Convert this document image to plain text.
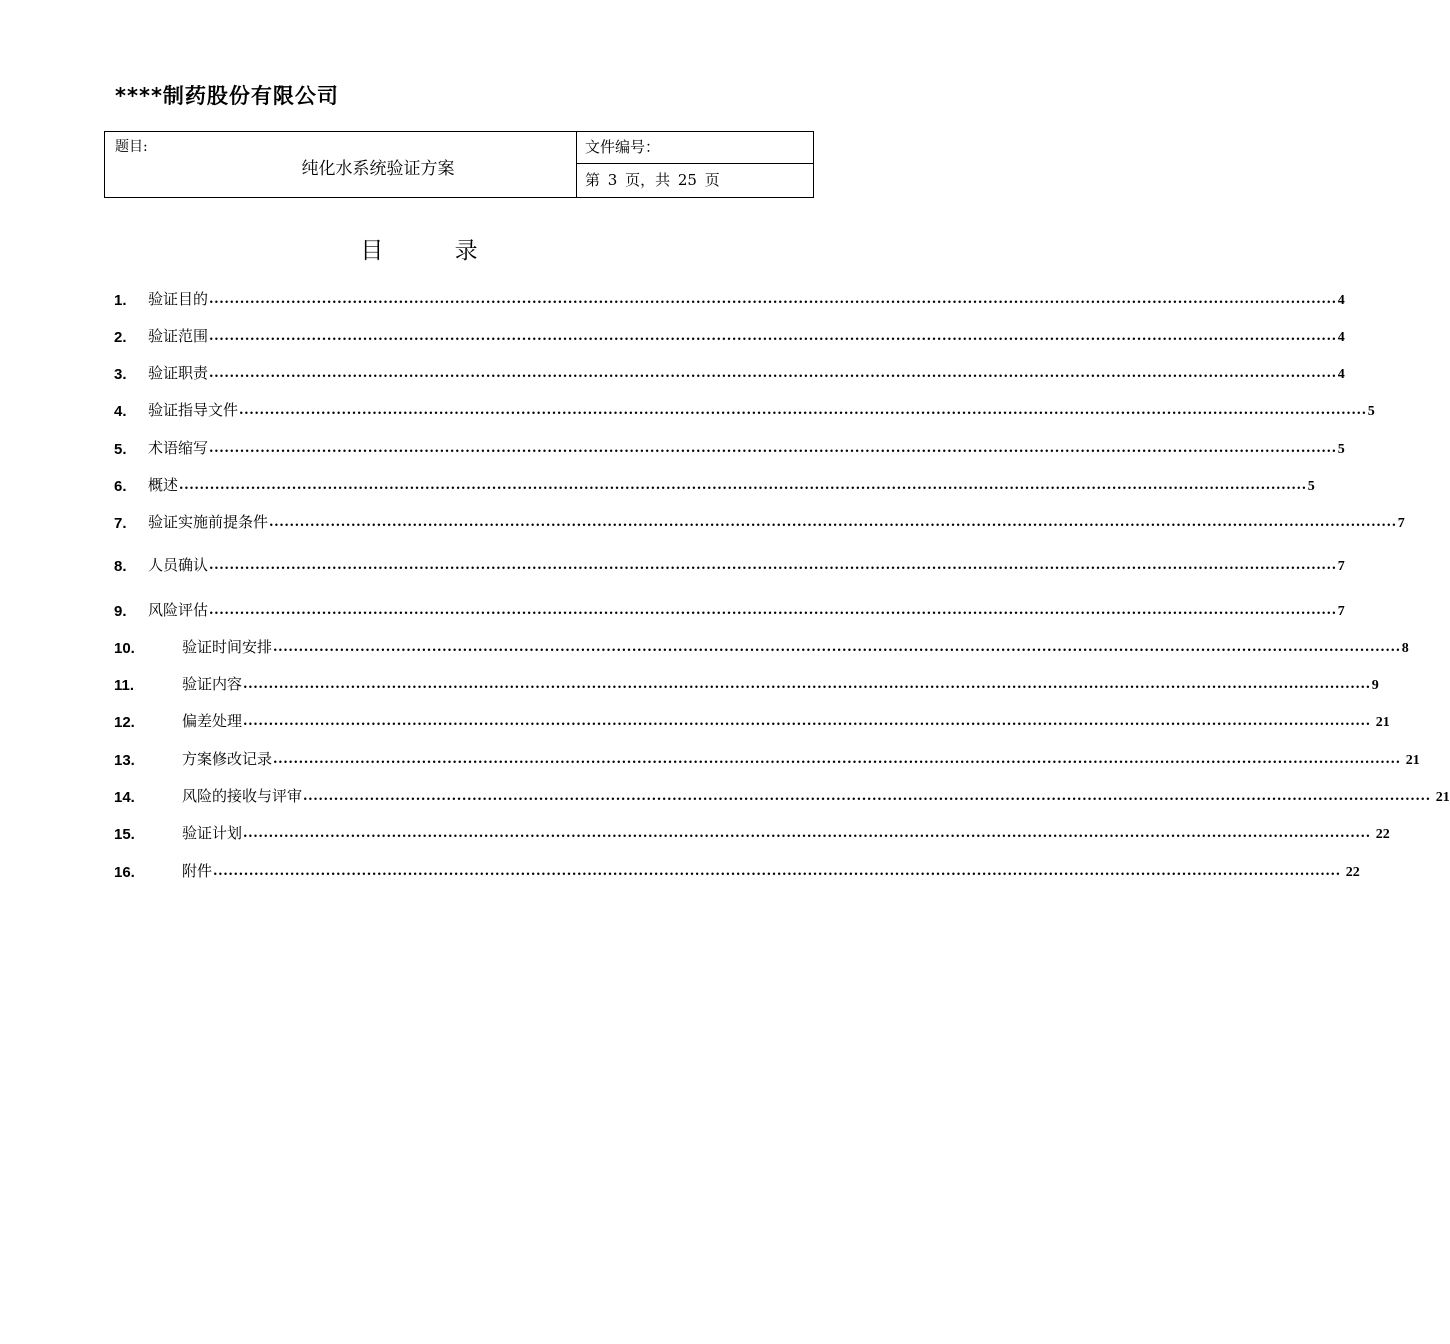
****制药股份有限公司
题目:
纯化水系统验证方案
文件编号：
第 3 页，共 25 页
目 录
1.	验证目的 ............................................................................................................................................................................................................................ 4
2.	验证范围 ............................................................................................................................................................................................................................ 4
3.	验证职责 ............................................................................................................................................................................................................................ 4
4.	验证指导文件 ............................................................................................................................................................................................................................ 5
5.	术语缩写 ............................................................................................................................................................................................................................ 5
6.	概述 ............................................................................................................................................................................................................................ 5
7.	验证实施前提条件 ............................................................................................................................................................................................................................ 7
8.	人员确认 ............................................................................................................................................................................................................................ 7
9.	风险评估 ............................................................................................................................................................................................................................ 7
10.	验证时间安排 ............................................................................................................................................................................................................................ 8
11.	验证内容 ............................................................................................................................................................................................................................ 9
12.	偏差处理 ............................................................................................................................................................................................................................ 21
13.	方案修改记录 ............................................................................................................................................................................................................................ 21
14.	风险的接收与评审 ............................................................................................................................................................................................................................ 21
15.	验证计划 ............................................................................................................................................................................................................................ 22
16.	附件 ............................................................................................................................................................................................................................ 22
